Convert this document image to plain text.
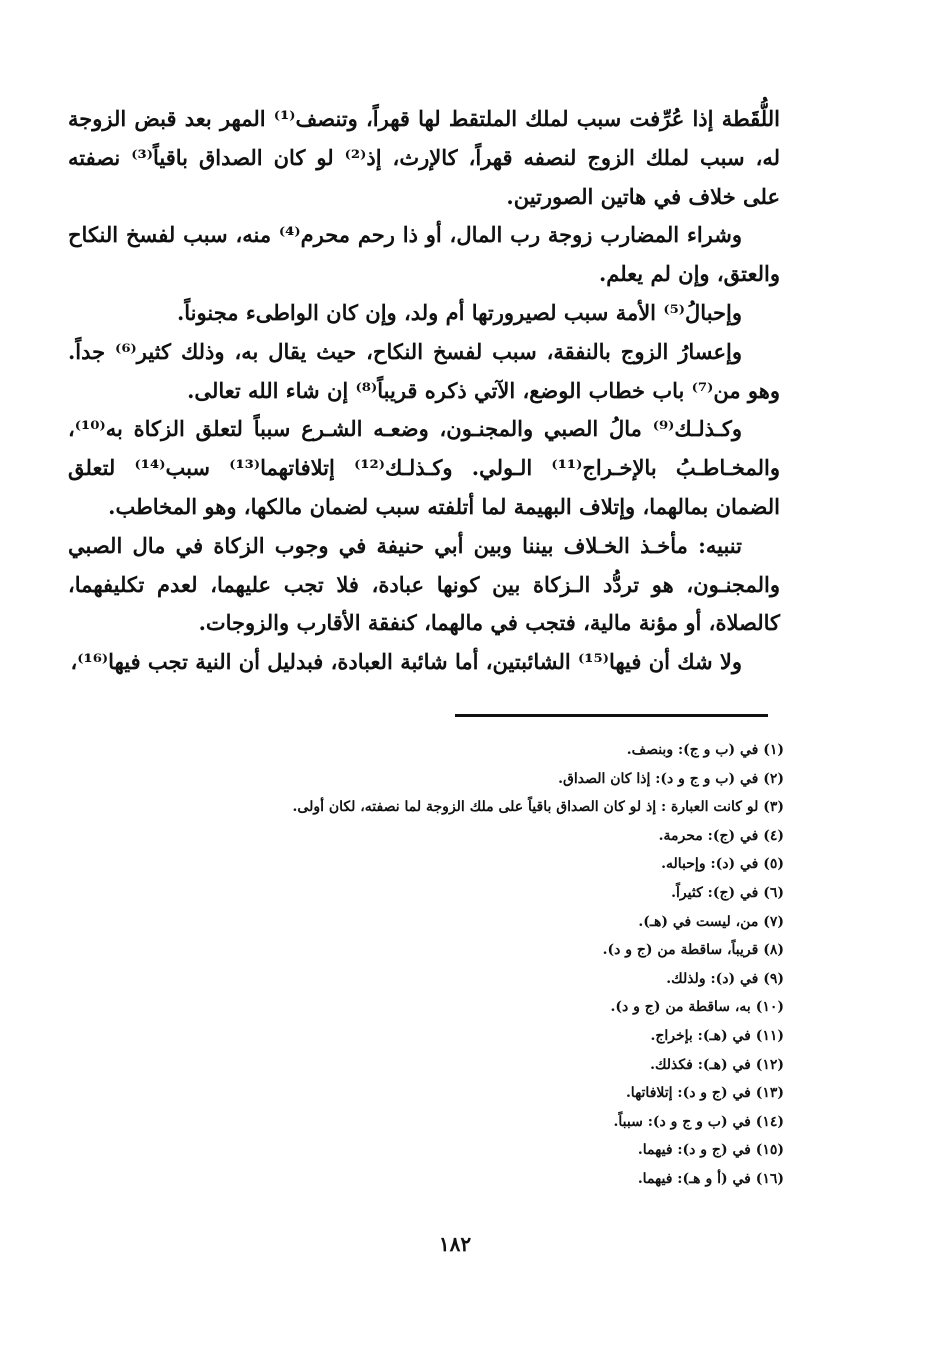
اللُّقَطة إذا عُرِّفت سبب لملك الملتقط لها قهراً، وتنصف⁽¹⁾ المهر بعد قبض الزوجة له، سبب لملك الزوج لنصفه قهراً، كالإرث، إذ⁽²⁾ لو كان الصداق باقياً⁽³⁾ نصفته على خلاف في هاتين الصورتين.

وشراء المضارب زوجة رب المال، أو ذا رحم محرم⁽⁴⁾ منه، سبب لفسخ النكاح والعتق، وإن لم يعلم.

وإحبالُ⁽⁵⁾ الأمة سبب لصيرورتها أم ولد، وإن كان الواطىء مجنوناً.

وإعسارُ الزوج بالنفقة، سبب لفسخ النكاح، حيث يقال به، وذلك كثير⁽⁶⁾ جداً. وهو من⁽⁷⁾ باب خطاب الوضع، الآتي ذكره قريباً⁽⁸⁾ إن شاء الله تعالى.

وكـذلـك⁽⁹⁾ مالُ الصبي والمجنـون، وضعـه الشـرع سبباً لتعلق الزكاة به⁽¹⁰⁾، والمخـاطـبُ بالإخـراج⁽¹¹⁾ الـولي. وكـذلـك⁽¹²⁾ إتلافاتهما⁽¹³⁾ سبب⁽¹⁴⁾ لتعلق الضمان بمالهما، وإتلاف البهيمة لما أتلفته سبب لضمان مالكها، وهو المخاطب.

تنبيه: مأخـذ الخـلاف بيننا وبين أبي حنيفة في وجوب الزكاة في مال الصبي والمجنـون، هو تردُّد الـزكاة بين كونها عبادة، فلا تجب عليهما، لعدم تكليفهما، كالصلاة، أو مؤنة مالية، فتجب في مالهما، كنفقة الأقارب والزوجات.

ولا شك أن فيها⁽¹⁵⁾ الشائبتين، أما شائبة العبادة، فبدليل أن النية تجب فيها⁽¹⁶⁾،

(١) في (ب و ج): وبنصف.

(٢) في (ب و ج و د): إذا كان الصداق.

(٣) لو كانت العبارة : إذ لو كان الصداق باقياً على ملك الزوجة لما نصفته، لكان أولى.

(٤) في (ج): محرمة.

(٥) في (د): وإحباله.

(٦) في (ج): كثيراً.

(٧) من، ليست في (هـ).

(٨) قريباً، ساقطة من (ج و د).

(٩) في (د): ولذلك.

(١٠) به، ساقطة من (ج و د).

(١١) في (هـ): بإخراج.

(١٢) في (هـ): فكذلك.

(١٣) في (ج و د): إتلافاتها.

(١٤) في (ب و ج و د): سبباً.

(١٥) في (ج و د): فيهما.

(١٦) في (أ و هـ): فيهما.

١٨٢
